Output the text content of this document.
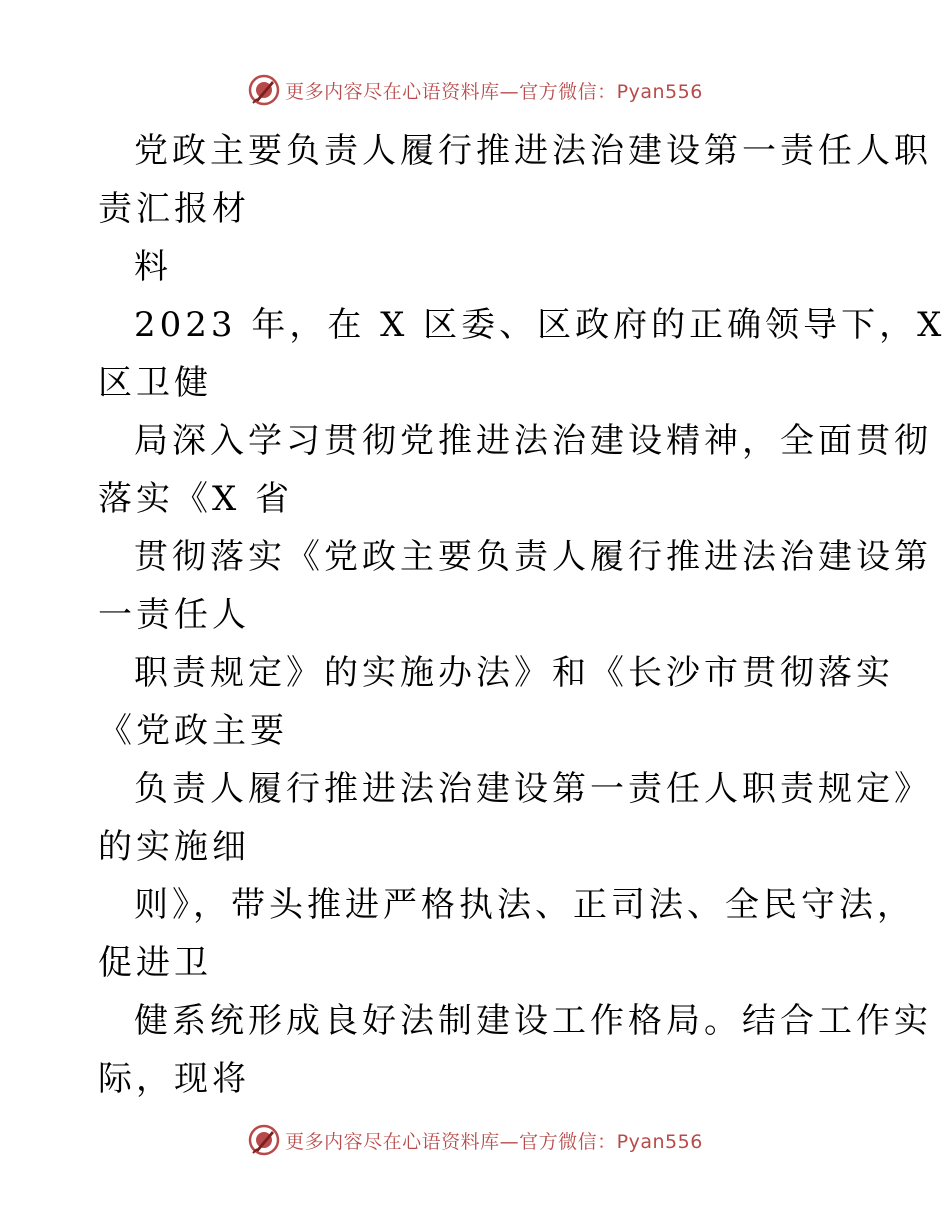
更多内容尽在心语资料库—官方微信：Pyan556
党政主要负责人履行推进法治建设第一责任人职
责汇报材
料
2023 年，在 X 区委、区政府的正确领导下，X
区卫健
局深入学习贯彻党推进法治建设精神，全面贯彻
落实《X 省
贯彻落实《党政主要负责人履行推进法治建设第
一责任人
职责规定》的实施办法》和《长沙市贯彻落实
《党政主要
负责人履行推进法治建设第一责任人职责规定》
的实施细
则》，带头推进严格执法、正司法、全民守法，
促进卫
健系统形成良好法制建设工作格局。结合工作实
际，现将
更多内容尽在心语资料库—官方微信：Pyan556
